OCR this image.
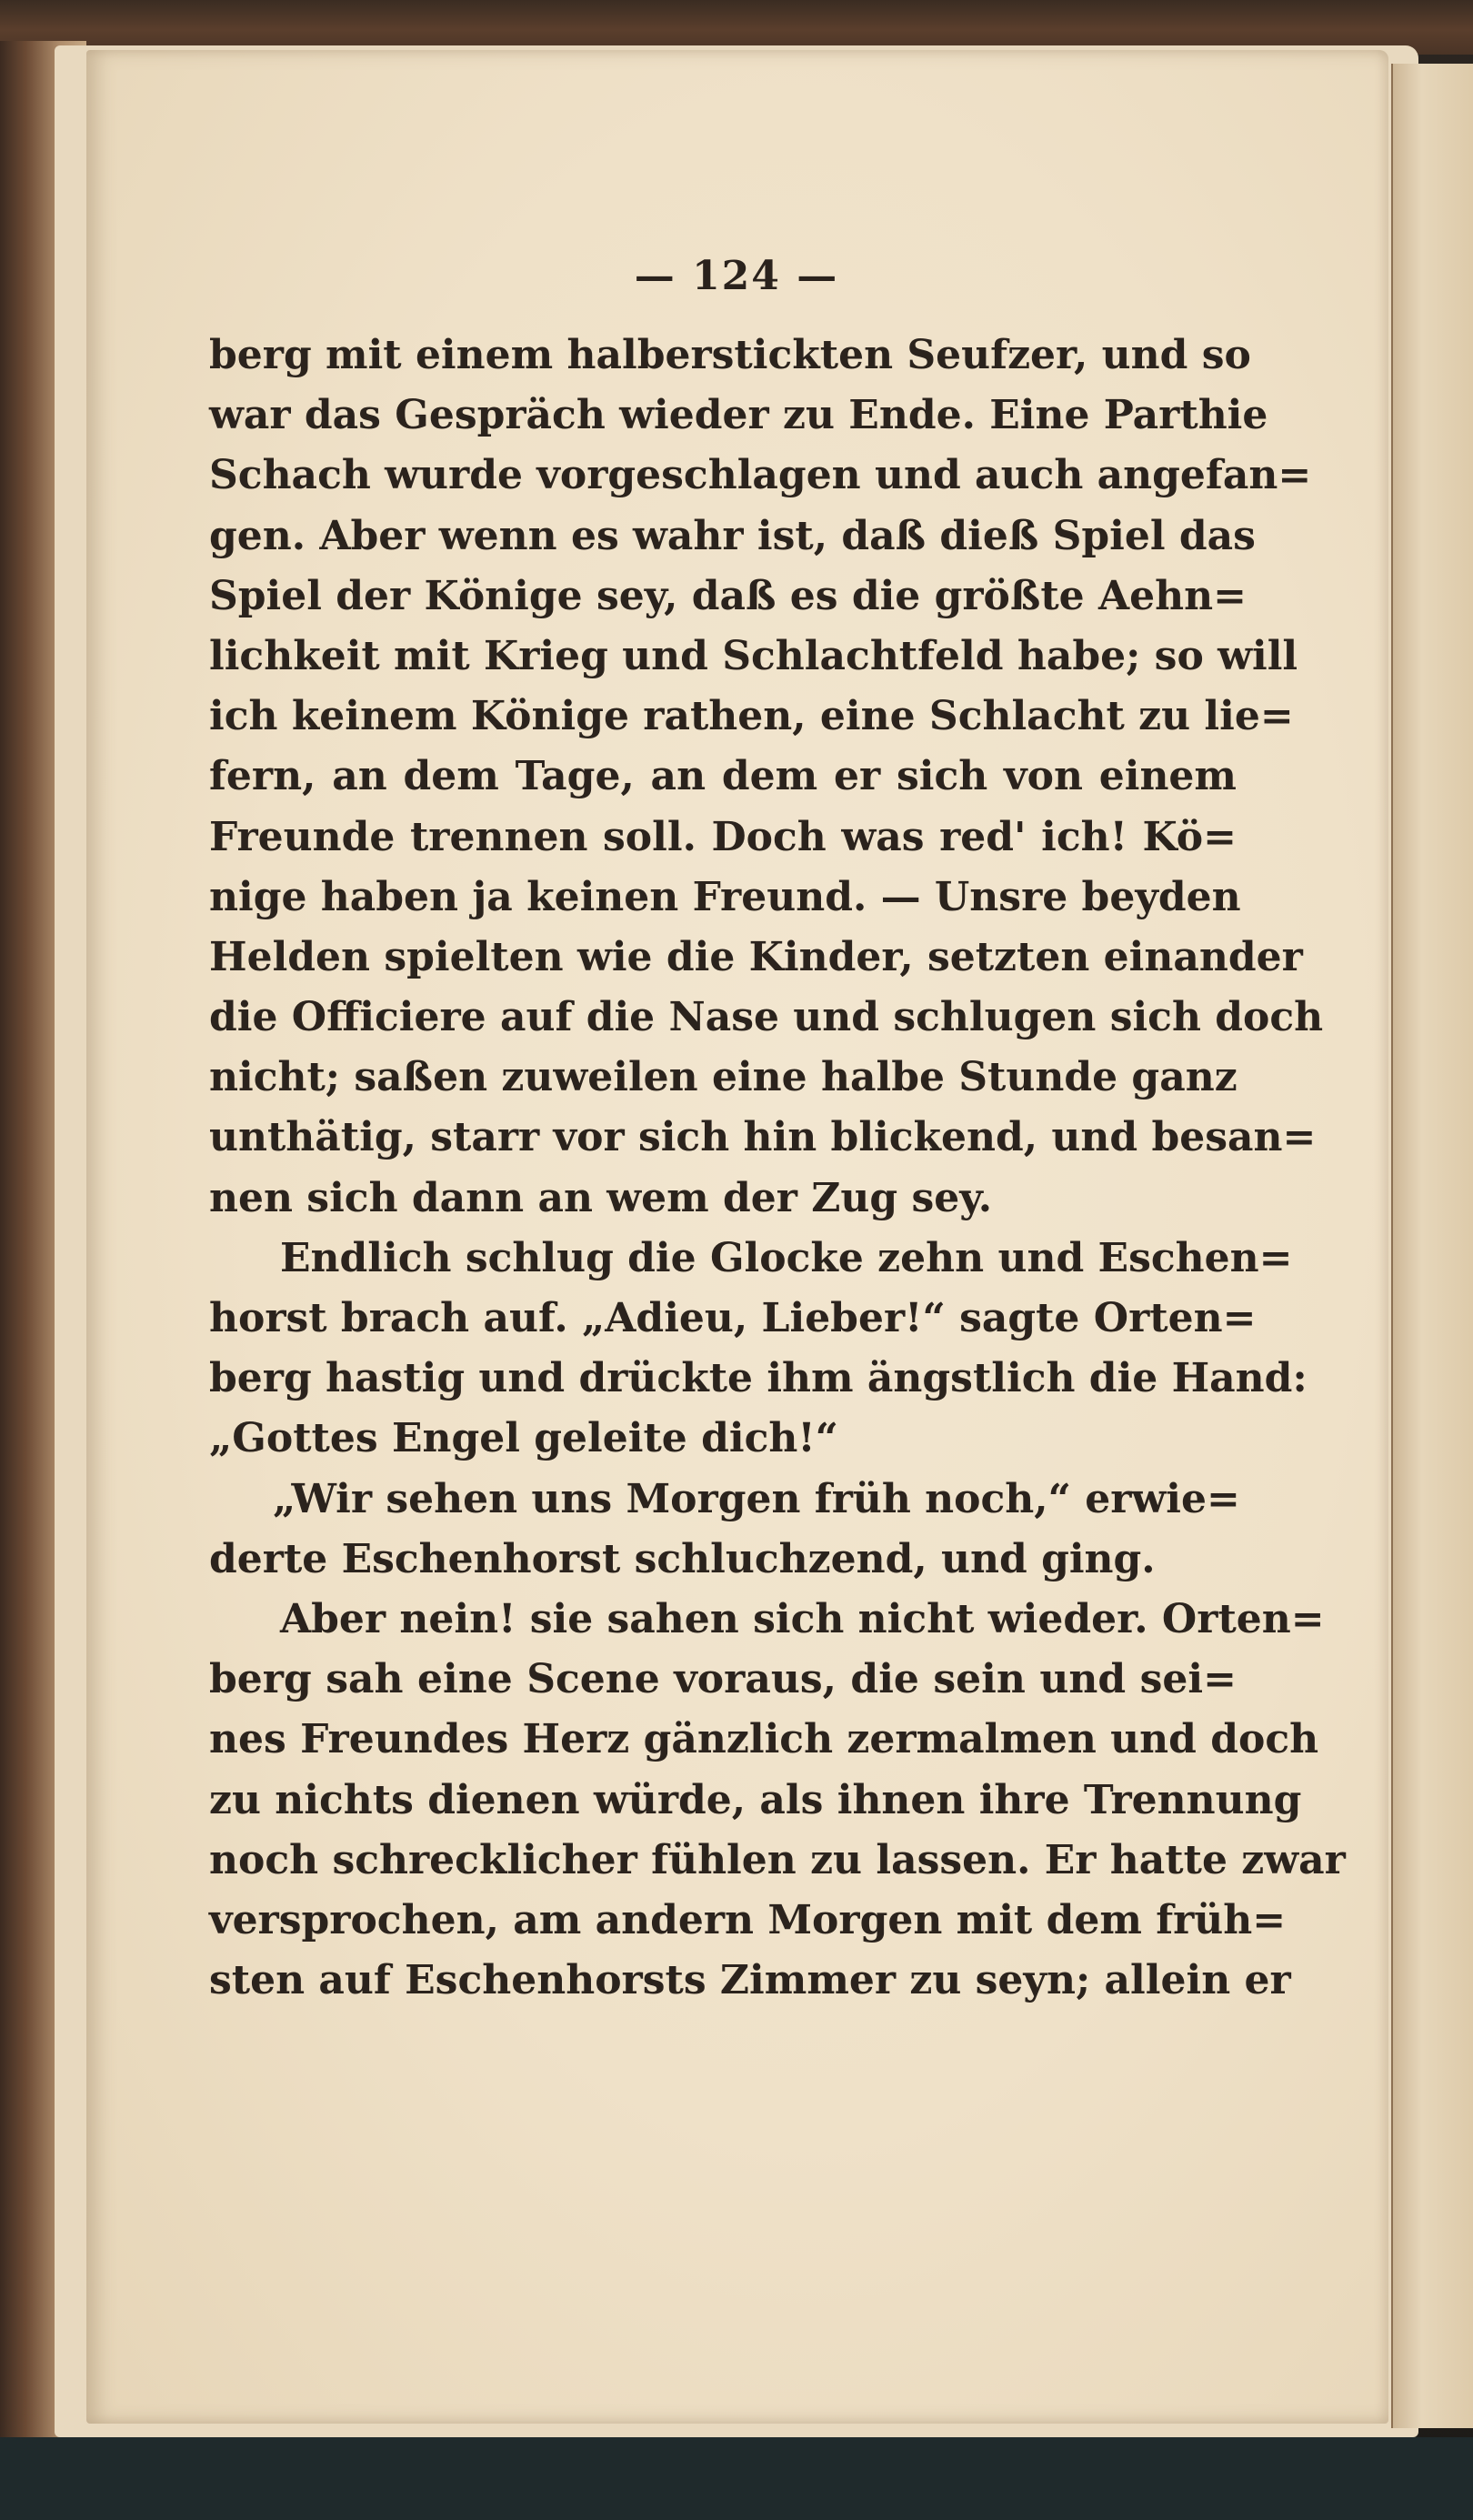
— 124 —
berg mit einem halberstickten Seufzer, und so
war das Gespräch wieder zu Ende. Eine Parthie
Schach wurde vorgeschlagen und auch angefan=
gen. Aber wenn es wahr ist, daß dieß Spiel das
Spiel der Könige sey, daß es die größte Aehn=
lichkeit mit Krieg und Schlachtfeld habe; so will
ich keinem Könige rathen, eine Schlacht zu lie=
fern, an dem Tage, an dem er sich von einem
Freunde trennen soll. Doch was red' ich! Kö=
nige haben ja keinen Freund. — Unsre beyden
Helden spielten wie die Kinder, setzten einander
die Officiere auf die Nase und schlugen sich doch
nicht; saßen zuweilen eine halbe Stunde ganz
unthätig, starr vor sich hin blickend, und besan=
nen sich dann an wem der Zug sey.
Endlich schlug die Glocke zehn und Eschen=
horst brach auf. „Adieu, Lieber!“ sagte Orten=
berg hastig und drückte ihm ängstlich die Hand:
„Gottes Engel geleite dich!“
„Wir sehen uns Morgen früh noch,“ erwie=
derte Eschenhorst schluchzend, und ging.
Aber nein! sie sahen sich nicht wieder. Orten=
berg sah eine Scene voraus, die sein und sei=
nes Freundes Herz gänzlich zermalmen und doch
zu nichts dienen würde, als ihnen ihre Trennung
noch schrecklicher fühlen zu lassen. Er hatte zwar
versprochen, am andern Morgen mit dem früh=
sten auf Eschenhorsts Zimmer zu seyn; allein er
